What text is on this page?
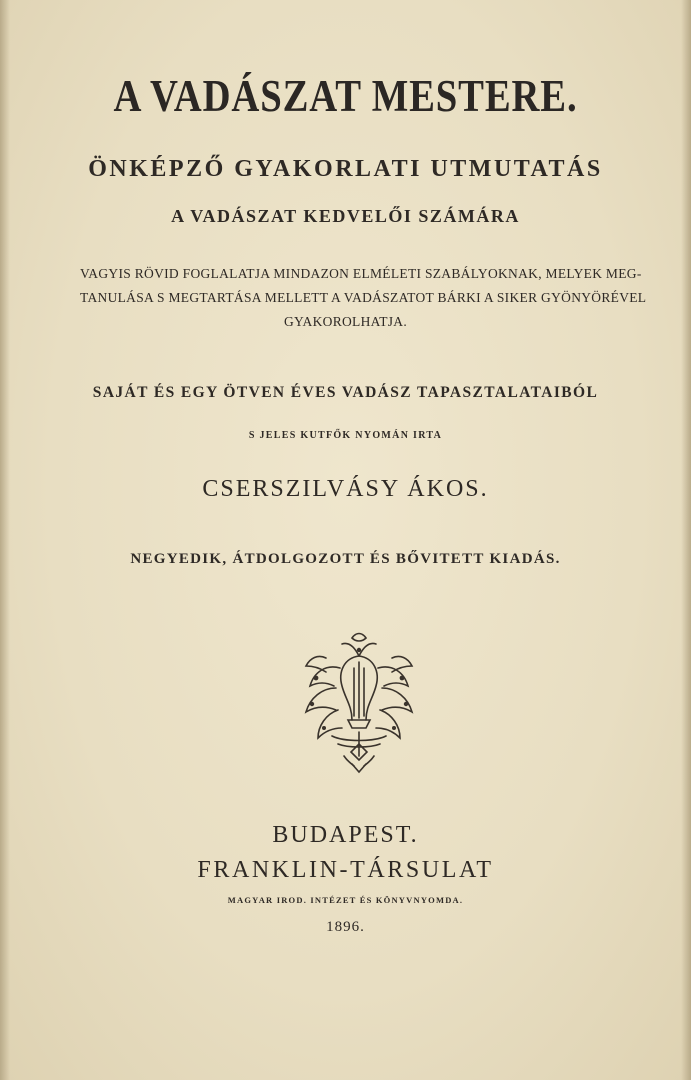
A VADÁSZAT MESTERE.
ÖNKÉPZŐ GYAKORLATI UTMUTATÁS
A VADÁSZAT KEDVELŐI SZÁMÁRA
VAGYIS RÖVID FOGLALATJA MINDAZON ELMÉLETI SZABÁLYOKNAK, MELYEK MEG-
TANULÁSA S MEGTARTÁSA MELLETT A VADÁSZATOT BÁRKI A SIKER GYÖNYÖRÉVEL
GYAKOROLHATJA.
SAJÁT ÉS EGY ÖTVEN ÉVES VADÁSZ TAPASZTALATAIBÓL
S JELES KUTFŐK NYOMÁN IRTA
CSERSZILVÁSY ÁKOS.
NEGYEDIK, ÁTDOLGOZOTT ÉS BŐVITETT KIADÁS.
BUDAPEST.
FRANKLIN-TÁRSULAT
MAGYAR IROD. INTÉZET ÉS KÖNYVNYOMDA.
1896.
